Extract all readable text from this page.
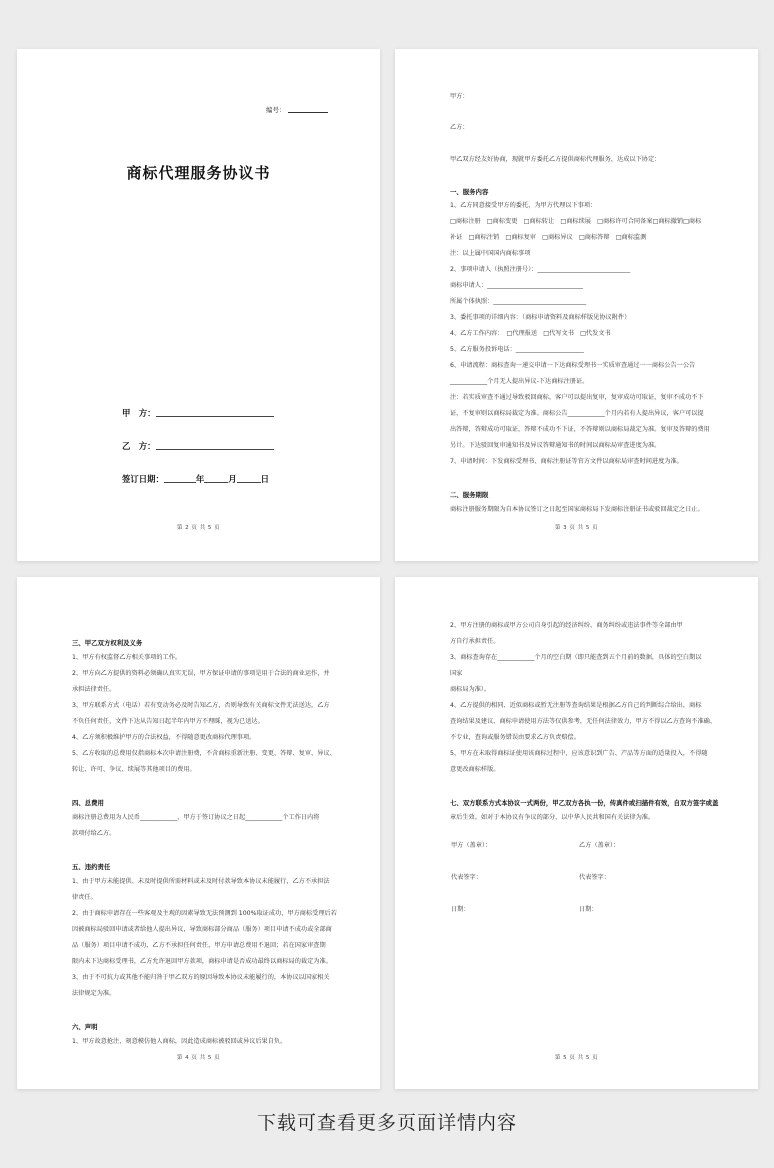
编号：
商标代理服务协议书
甲　方：
乙　方：
签订日期：	年	月	日
第 2 页 共 5 页
甲方：
乙方：
甲乙双方经友好协商，现就甲方委托乙方提供商标代理服务，达成以下协定：
一、服务内容
1、乙方同意接受甲方的委托，为甲方代理以下事项：
□商标注册　□商标变更　□商标转让　□商标续展　□商标许可合同备案□商标撤销□商标
补证　□商标注销　□商标复审　□商标异议　□商标答辩　□商标监测
注：以上属中国国内商标事项
2、事项申请人（执照注册号）：______________________________
商标申请人：_______________________________
所属个体执照：______________________________
3、委托事项的详细内容：（商标申请资料及商标样版见协议附件）
4、乙方工作内容：　□代理报送　□代写文书　□代发文书
5、乙方服务投诉电话：______________________
6、申请流程：商标查询一递交申请一下达商标受理书一实质审查通过一一商标公告一公告
____________个月无人提出异议-下达商标注册证。
注：若实质审查不通过导致驳回商标，客户可以提出复审，复审成功可取证，复审不成功不下
证，不复审则以商标局裁定为准。商标公告____________个月内若有人提出异议，客户可以提
出答辩，答辩成功可取证，答辩不成功不下证，不答辩则以商标局裁定为准。复审及答辩的费用
另计。下达驳回复审通知书及异议答辩通知书的时间以商标局审查进度为准。
7、申请时间：下发商标受理书、商标注册证等官方文件以商标局审查时间进度为准。
二、服务期限
商标注册服务期限为自本协议签订之日起至国家商标局下发商标注册证书或驳回裁定之日止。
第 3 页 共 5 页
三、甲乙双方权利及义务
1、甲方有权监督乙方相关事项的工作。
2、甲方向乙方提供的资料必须确认真实无误，甲方保证申请的事项是用于合法的商业运作，并
承担法律责任。
3、甲方联系方式（电话）若有变动务必及时告知乙方，否则导致有关商标文件无法送达，乙方
不负任何责任，文件下达从告知日起半年内甲方不理睬，视为已送达。
4、乙方须积极维护甲方的合法权益，不得随意更改商标代理事项。
5、乙方收取的总费用仅指商标本次申请注册费，不含商标重新注册、变更、答辩、复审、异议、
转让、许可、争议、续展等其他项目的费用。
四、总费用
商标注册总费用为人民币____________，甲方于签订协议之日起____________个工作日内将
款项付给乙方。
五、违约责任
1、由于甲方未能提供、未及时提供所需材料或未及时付款导致本协议未能履行，乙方不承担法
律责任。
2、由于商标申请存在一些客观及主观的因素导致无法预测到 100%取证成功，甲方商标受理后若
因被商标局驳回申请或者给他人提出异议，导致商标部分商品（服务）项目申请不成功或全部商
品（服务）项目申请不成功，乙方不承担任何责任，甲方申请总费用不退回；若在国家审查期
限内未下达商标受理书，乙方允许退回甲方款项，商标申请是否成功最终以商标局的裁定为准。
3、由于不可抗力或其他不能归咎于甲乙双方的原因导致本协议未能履行的，本协议以国家相关
法律规定为准。
六、声明
1、甲方故意抢注、刻意模仿他人商标，因此造成商标被驳回或异议后果自负。
第 4 页 共 5 页
2、甲方注册的商标或甲方公司自身引起的经济纠纷、商务纠纷或违法事件等全部由甲
方自行承担责任。
3、商标查询存在____________个月的空白期（即只能查到五个月前的数据，具体的空白期以
国家
商标局为准）。
4、乙方提供的相同、近似商标或暂无注册等查询结果是根据乙方自己的判断综合给出，商标
查询结果及建议、商标申请使用方法等仅供参考，无任何法律效力，甲方不得以乙方查询不准确、
不专业，查询或服务错误由要求乙方负责赔偿。
5、甲方在未取得商标证使用该商标过程中，应该意识到广告、产品等方面的适量投入，不得随
意更改商标样版。
七、双方联系方式本协议一式两份，甲乙双方各执一份，传真件或扫描件有效，自双方签字或盖
章后生效。如对于本协议有争议的部分，以中华人民共和国有关法律为准。
甲方（盖章）：	乙方（盖章）：
代表签字：	代表签字：
日期：	日期：
第 5 页 共 5 页
下载可查看更多页面详情内容
